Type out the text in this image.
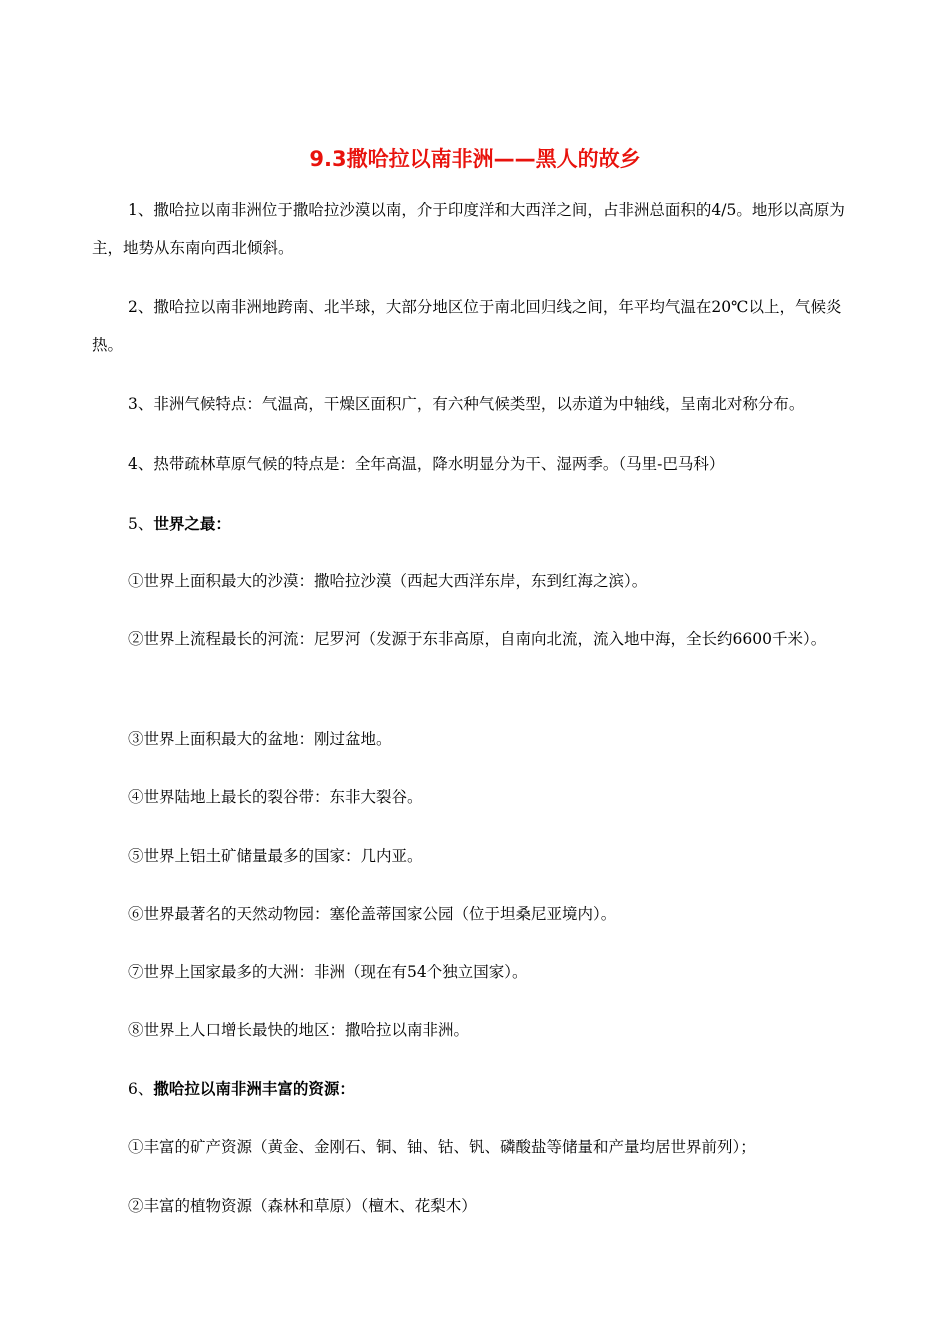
9.3撒哈拉以南非洲——黑人的故乡

1、撒哈拉以南非洲位于撒哈拉沙漠以南，介于印度洋和大西洋之间，占非洲总面积的4/5。地形以高原为主，地势从东南向西北倾斜。

2、撒哈拉以南非洲地跨南、北半球，大部分地区位于南北回归线之间，年平均气温在20℃以上，气候炎热。

3、非洲气候特点：气温高，干燥区面积广，有六种气候类型，以赤道为中轴线，呈南北对称分布。

4、热带疏林草原气候的特点是：全年高温，降水明显分为干、湿两季。（马里-巴马科）

5、世界之最：

①世界上面积最大的沙漠：撒哈拉沙漠（西起大西洋东岸，东到红海之滨）。

②世界上流程最长的河流：尼罗河（发源于东非高原，自南向北流，流入地中海，全长约6600千米）。

③世界上面积最大的盆地：刚过盆地。

④世界陆地上最长的裂谷带：东非大裂谷。

⑤世界上铝土矿储量最多的国家：几内亚。

⑥世界最著名的天然动物园：塞伦盖蒂国家公园（位于坦桑尼亚境内）。

⑦世界上国家最多的大洲：非洲（现在有54个独立国家）。

⑧世界上人口增长最快的地区：撒哈拉以南非洲。

6、撒哈拉以南非洲丰富的资源：

①丰富的矿产资源（黄金、金刚石、铜、铀、钴、钒、磷酸盐等储量和产量均居世界前列）；

②丰富的植物资源（森林和草原）（檀木、花梨木）
